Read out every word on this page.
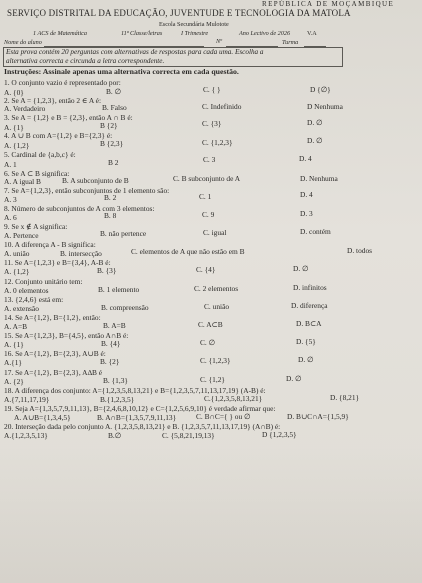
REPÚBLICA DE MOÇAMBIQUE
SERVIÇO DISTRITAL DA EDUCAÇÃO, JUVENTUDE E TECNOLOGIA DA MATOLA
Escola Secundária Mulotote
1 ACS de Matemática	11ª Classe/letras	I Trimestre	Ano Lectivo de 2026	V.A
Nome do aluno	Nº	Turma
Esta prova contém 20 perguntas com alternativas de respostas para cada uma. Escolha a
alternativa correcta e circunda a letra correspondente.
Instruções: Assinale apenas uma alternativa correcta em cada questão.
1. O conjunto vazio é representado por:
A. {0}	B. ∅	C. { }	D {∅}
2. Se A = {1,2,3}, então 2 ∈ A é:
A. Verdadeiro	B. Falso	C. Indefinido	D Nenhuma
3. Se A = {1,2} e B = {2,3}, então A ∩ B é:
A. {1}	B {2}	C. {3}	D. ∅
4. A ∪ B com A={1,2} e B={2,3} é:
A. {1,2}	B {2,3}	C. {1,2,3}	D. ∅
5. Cardinal de {a,b,c} é:
A. 1	B 2	C. 3	D. 4
6. Se A ⊂ B significa:
A. A igual B	B. A subconjunto de B	C. B subconjunto de A	D. Nenhuma
7. Se A={1,2,3}, então subconjuntos de 1 elemento são:
A. 3	B. 2	C. 1	D. 4
8. Número de subconjuntos de A com 3 elementos:
A. 6	B. 8	C. 9	D. 3
9. Se x ∉ A significa:
A. Pertence	B. não pertence	C. igual	D. contém
10. A diferença A - B significa:
A. união	B. intersecção	C. elementos de A que não estão em B	D. todos
11. Se A={1,2,3} e B={3,4}, A-B é:
A. {1,2}	B. {3}	C. {4}	D. ∅
12. Conjunto unitário tem:
A. 0 elementos	B. 1 elemento	C. 2 elementos	D. infinitos
13. {2,4,6} está em:
A. extensão	B. compreensão	C. união	D. diferença
14. Se A={1,2}, B={1,2}, então:
A. A=B	B. A=B	C. A⊂B	D. B⊂A
15. Se A={1,2,3}, B={4,5}, então A∩B é:
A. {1}	B. {4}	C. ∅	D. {5}
16. Se A={1,2}, B={2,3}, A∪B é:
A.{1}	B. {2}	C. {1,2,3}	D. ∅
17. Se A={1,2}, B={2,3}, A∆B é
A. {2}	B. {1,3}	C. {1,2}	D. ∅
18. A diferença dos conjunto: A={1,2,3,5,8,13,21} e B={1,2,3,5,7,11,13,17,19} (A-B) é:
A.{7,11,17,19}	B.{1,2,3,5}	C.{1,2,3,5,8,13,21}	D. {8,21}
19. Seja A={1,3,5,7,9,11,13}, B={2,4,6,8,10,12} e C={1,2,5,6,9,10} é verdade afirmar que:
A. A∪B={1,3,4,5}	B. A∩B={1,3,5,7,9,11,13}	C. B∩C={ } ou ∅	D. B∪C∩A={1,5,9}
20. Interseção dada pelo conjunto A. {1,2,3,5,8,13,21} e B. {1,2,3,5,7,11,13,17,19} (A∩B) é:
A.{1,2,3,5,13}	B.∅	C. {5,8,21,19,13}	D {1,2,3,5}
